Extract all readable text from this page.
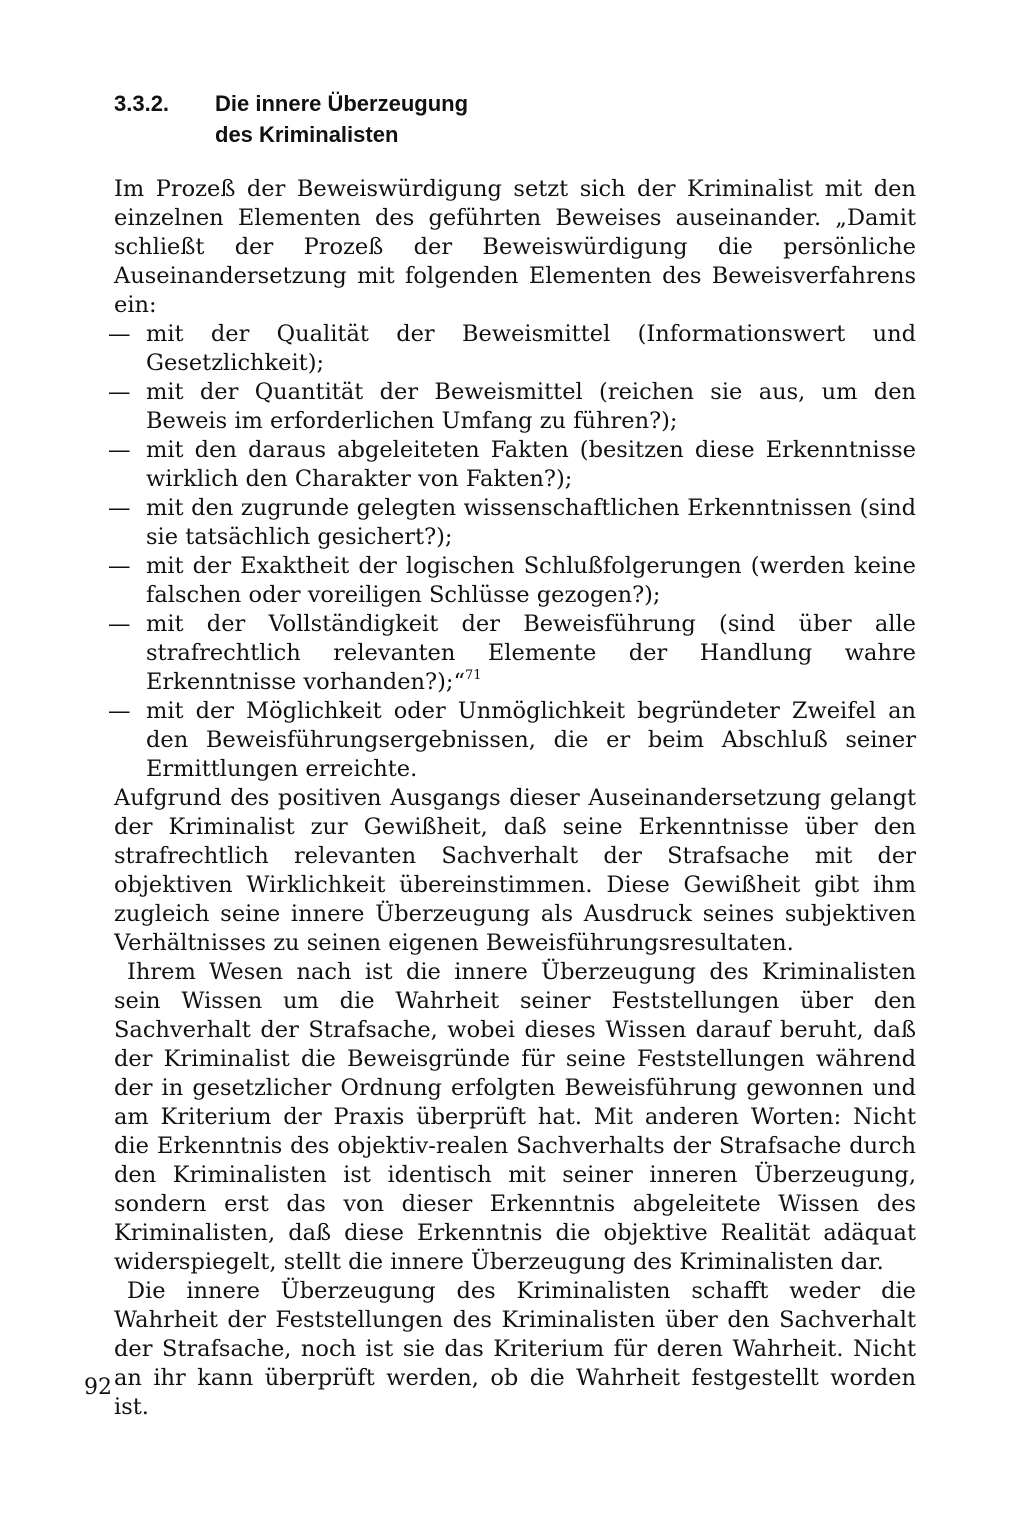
3.3.2.	Die innere Überzeugung
des Kriminalisten

Im Prozeß der Beweiswürdigung setzt sich der Kriminalist mit den einzelnen Elementen des geführten Beweises auseinander. „Damit schließt der Prozeß der Beweiswürdigung die persönliche Auseinandersetzung mit folgenden Elementen des Beweisverfahrens ein:

— mit der Qualität der Beweismittel (Informationswert und Gesetzlichkeit);
— mit der Quantität der Beweismittel (reichen sie aus, um den Beweis im erforderlichen Umfang zu führen?);
— mit den daraus abgeleiteten Fakten (besitzen diese Erkenntnisse wirklich den Charakter von Fakten?);
— mit den zugrunde gelegten wissenschaftlichen Erkenntnissen (sind sie tatsächlich gesichert?);
— mit der Exaktheit der logischen Schlußfolgerungen (werden keine falschen oder voreiligen Schlüsse gezogen?);
— mit der Vollständigkeit der Beweisführung (sind über alle strafrechtlich relevanten Elemente der Handlung wahre Erkenntnisse vorhanden?);“$^{71}$
— mit der Möglichkeit oder Unmöglichkeit begründeter Zweifel an den Beweisführungsergebnissen, die er beim Abschluß seiner Ermittlungen erreichte.

Aufgrund des positiven Ausgangs dieser Auseinandersetzung gelangt der Kriminalist zur Gewißheit, daß seine Erkenntnisse über den strafrechtlich relevanten Sachverhalt der Strafsache mit der objektiven Wirklichkeit übereinstimmen. Diese Gewißheit gibt ihm zugleich seine innere Überzeugung als Ausdruck seines subjektiven Verhältnisses zu seinen eigenen Beweisführungsresultaten.

Ihrem Wesen nach ist die innere Überzeugung des Kriminalisten sein Wissen um die Wahrheit seiner Feststellungen über den Sachverhalt der Strafsache, wobei dieses Wissen darauf beruht, daß der Kriminalist die Beweisgründe für seine Feststellungen während der in gesetzlicher Ordnung erfolgten Beweisführung gewonnen und am Kriterium der Praxis überprüft hat. Mit anderen Worten: Nicht die Erkenntnis des objektiv-realen Sachverhalts der Strafsache durch den Kriminalisten ist identisch mit seiner inneren Überzeugung, sondern erst das von dieser Erkenntnis abgeleitete Wissen des Kriminalisten, daß diese Erkenntnis die objektive Realität adäquat widerspiegelt, stellt die innere Überzeugung des Kriminalisten dar.

Die innere Überzeugung des Kriminalisten schafft weder die Wahrheit der Feststellungen des Kriminalisten über den Sachverhalt der Strafsache, noch ist sie das Kriterium für deren Wahrheit. Nicht an ihr kann überprüft werden, ob die Wahrheit festgestellt worden ist.

92
